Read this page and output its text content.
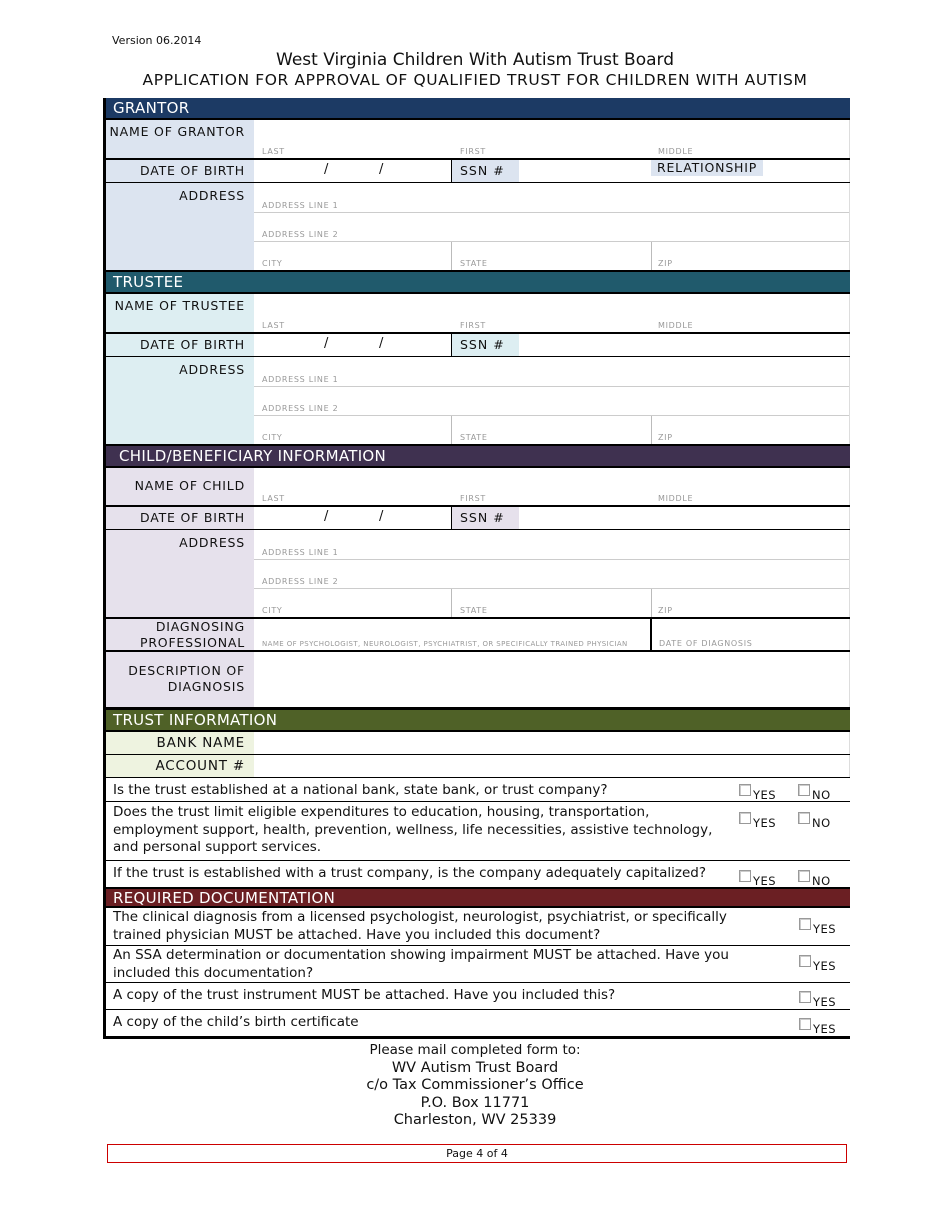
Version 06.2014
West Virginia Children With Autism Trust Board
APPLICATION FOR APPROVAL OF QUALIFIED TRUST FOR CHILDREN WITH AUTISM
GRANTOR
NAME OF GRANTOR
LAST	FIRST	MIDDLE
DATE OF BIRTH	/	/	SSN #	RELATIONSHIP
ADDRESS
ADDRESS LINE 1
ADDRESS LINE 2
CITY	STATE	ZIP
TRUSTEE
NAME OF TRUSTEE
LAST	FIRST	MIDDLE
DATE OF BIRTH	/	/	SSN #
ADDRESS
ADDRESS LINE 1
ADDRESS LINE 2
CITY	STATE	ZIP
CHILD/BENEFICIARY INFORMATION
NAME OF CHILD
LAST	FIRST	MIDDLE
DATE OF BIRTH	/	/	SSN #
ADDRESS
ADDRESS LINE 1
ADDRESS LINE 2
CITY	STATE	ZIP
DIAGNOSING PROFESSIONAL	NAME OF PSYCHOLOGIST, NEUROLOGIST, PSYCHIATRIST, OR SPECIFICALLY TRAINED PHYSICIAN	DATE OF DIAGNOSIS
DESCRIPTION OF DIAGNOSIS
TRUST INFORMATION
BANK NAME
ACCOUNT #
Is the trust established at a national bank, state bank, or trust company?	YES	NO
Does the trust limit eligible expenditures to education, housing, transportation, employment support, health, prevention, wellness, life necessities, assistive technology, and personal support services.
YES	NO
If the trust is established with a trust company, is the company adequately capitalized?	YES	NO
REQUIRED DOCUMENTATION
The clinical diagnosis from a licensed psychologist, neurologist, psychiatrist, or specifically trained physician MUST be attached. Have you included this document?	YES
An SSA determination or documentation showing impairment MUST be attached. Have you included this documentation?	YES
A copy of the trust instrument MUST be attached. Have you included this?	YES
A copy of the child’s birth certificate	YES
Please mail completed form to:
WV Autism Trust Board
c/o Tax Commissioner’s Office
P.O. Box 11771
Charleston, WV 25339
Page 4 of 4
